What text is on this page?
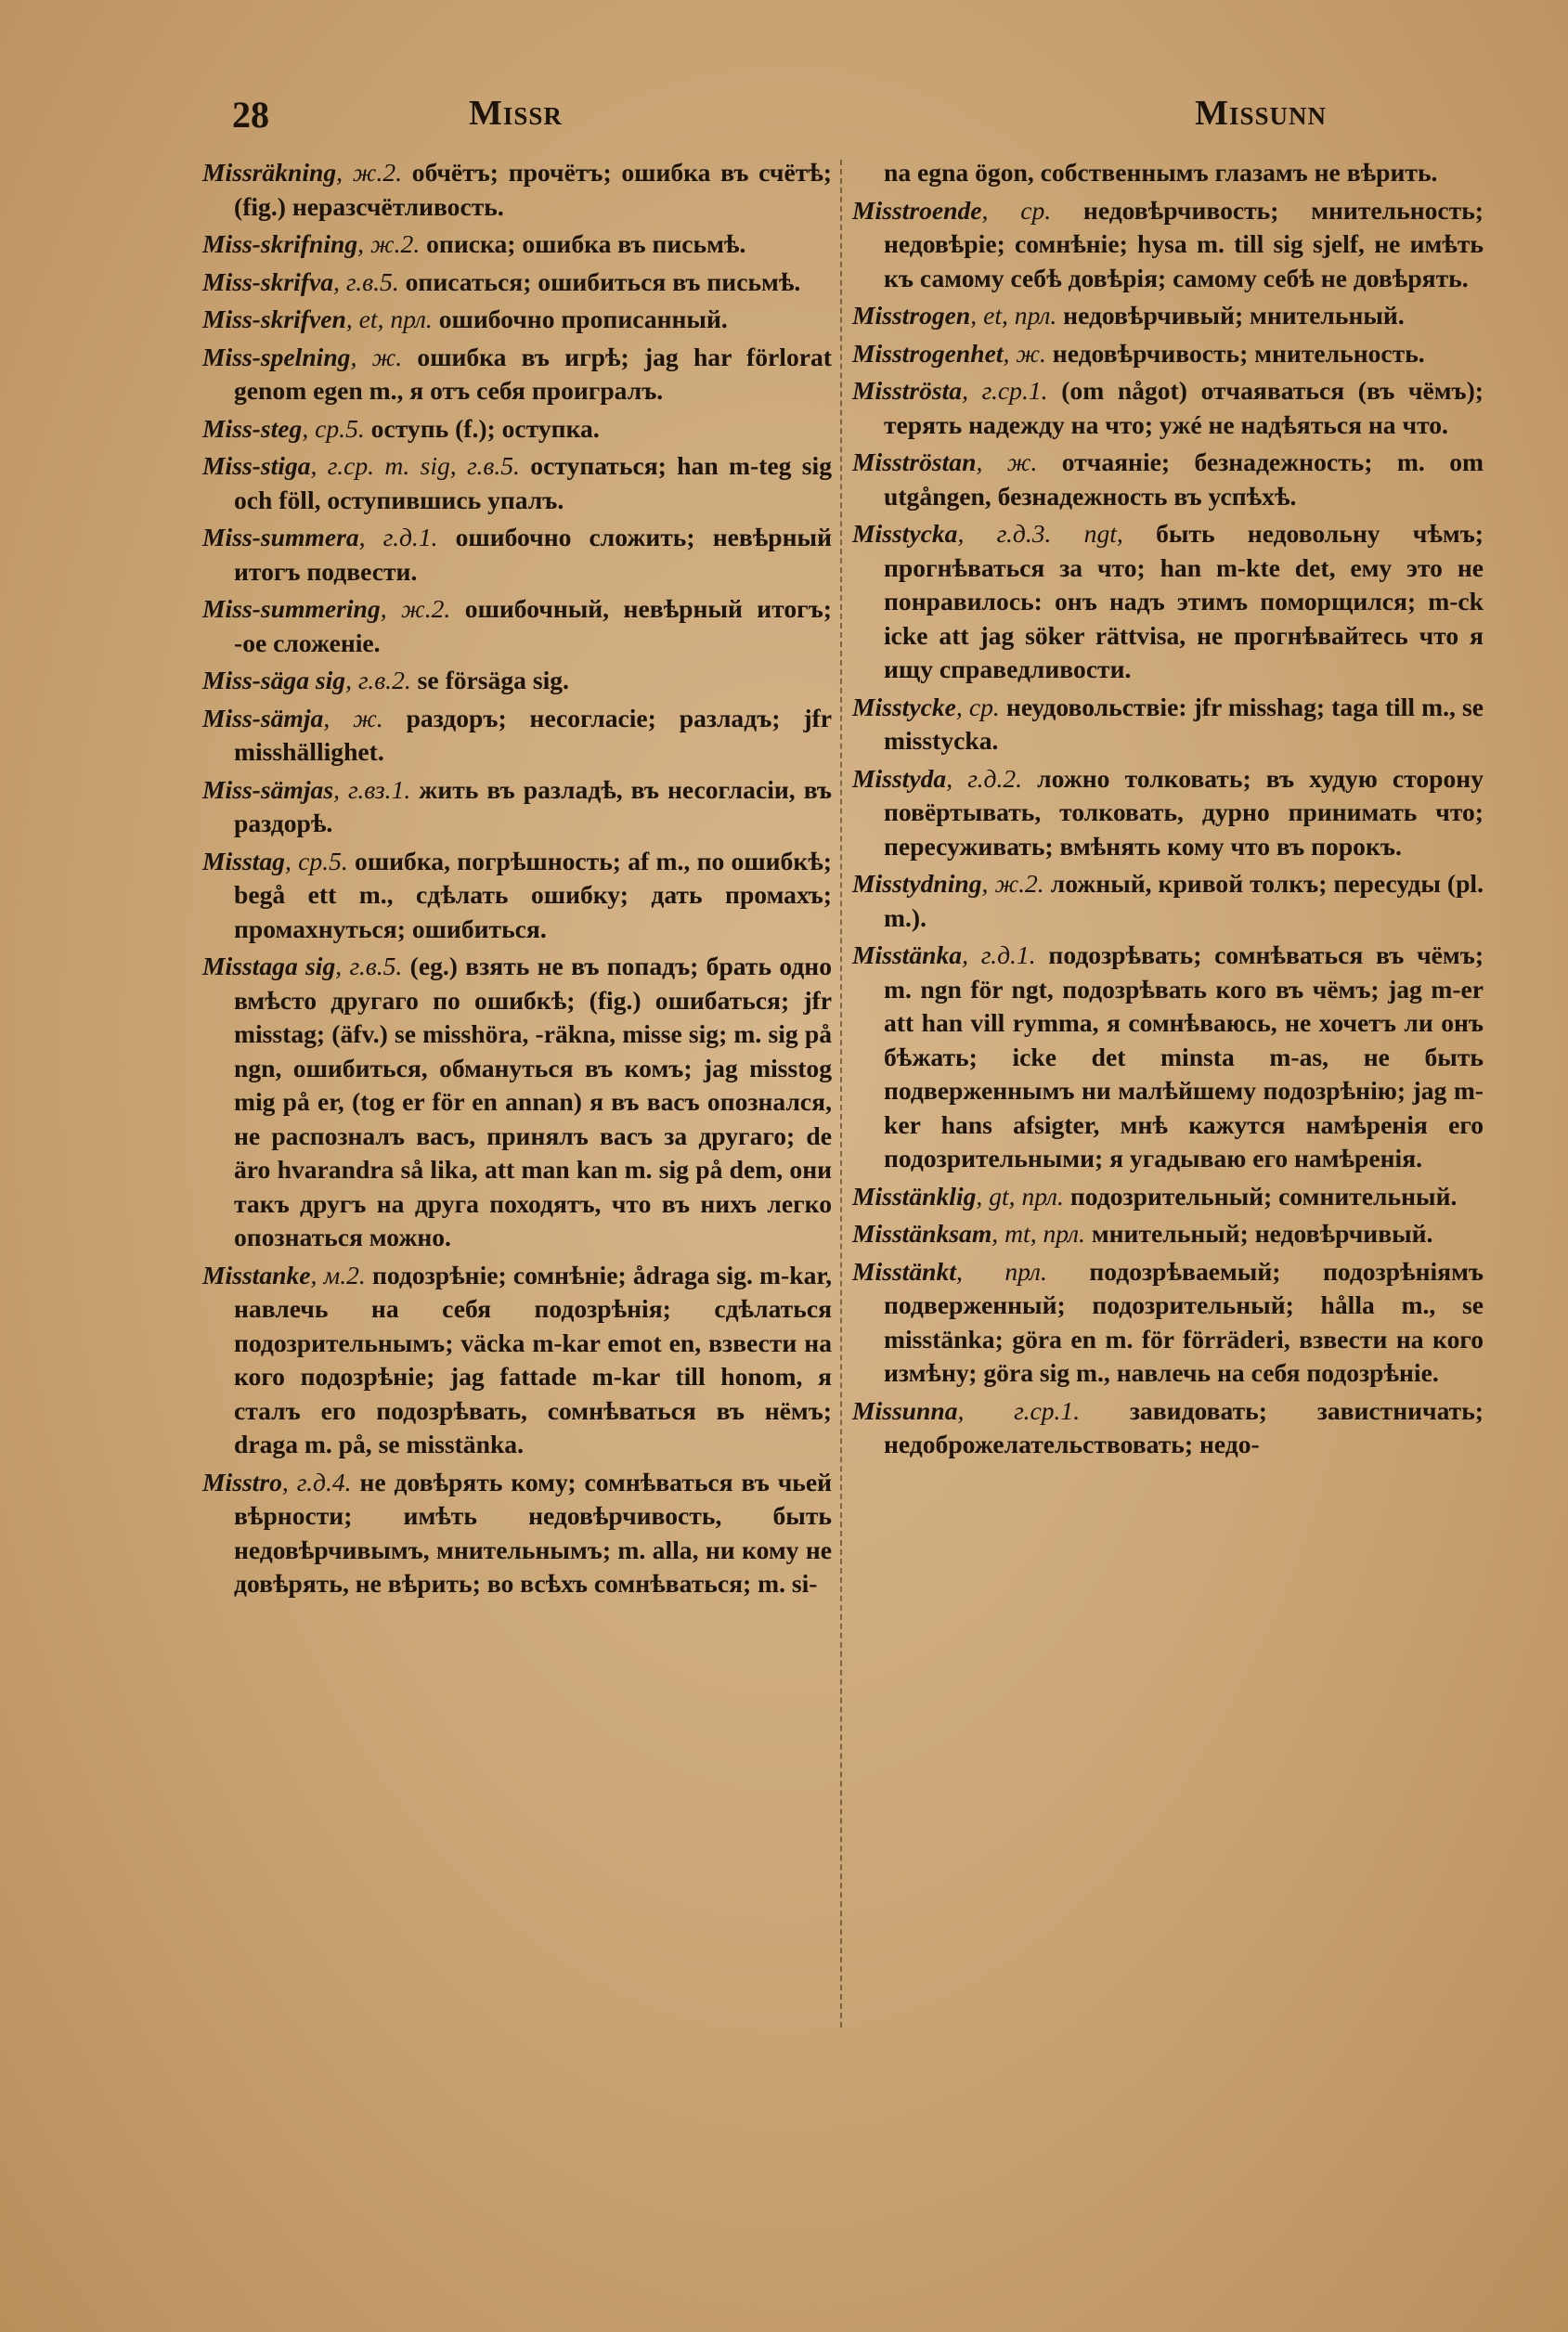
28	Missr	Missunn

Missräkning, ж.2. обчётъ; прочётъ; ошибка въ счётѣ; (fig.) неразсчётливость.

Miss-skrifning, ж.2. описка; ошибка въ письмѣ.

Miss-skrifva, г.в.5. описаться; ошибиться въ письмѣ.

Miss-skrifven, et, прл. ошибочно прописанный.

Miss-spelning, ж. ошибка въ игрѣ; jag har förlorat genom egen m., я отъ себя проигралъ.

Miss-steg, ср.5. оступь (f.); оступка.

Miss-stiga, г.ср. m. sig, г.в.5. оступаться; han m-teg sig och föll, оступившись упалъ.

Miss-summera, г.д.1. ошибочно сложить; невѣрный итогъ подвести.

Miss-summering, ж.2. ошибочный, невѣрный итогъ; -ое сложеніе.

Miss-säga sig, г.в.2. se försäga sig.

Miss-sämja, ж. раздоръ; несогласіе; разладъ; jfr misshällighet.

Miss-sämjas, г.вз.1. жить въ разладѣ, въ несогласіи, въ раздорѣ.

Misstag, ср.5. ошибка, погрѣшность; af m., по ошибкѣ; begå ett m., сдѣлать ошибку; дать промахъ; промахнуться; ошибиться.

Misstaga sig, г.в.5. (eg.) взять не въ попадъ; брать одно вмѣсто другаго по ошибкѣ; (fig.) ошибаться; jfr misstag; (äfv.) se misshöra, -räkna, misse sig; m. sig på ngn, ошибиться, обмануться въ комъ; jag misstog mig på er, (tog er för en annan) я въ васъ опознался, не распозналъ васъ, принялъ васъ за другаго; de äro hvarandra så lika, att man kan m. sig på dem, они такъ другъ на друга походятъ, что въ нихъ легко опознаться можно.

Misstanke, м.2. подозрѣніе; сомнѣніе; ådraga sig. m-kar, навлечь на себя подозрѣнія; сдѣлаться подозрительнымъ; väcka m-kar emot en, взвести на кого подозрѣніе; jag fattade m-kar till honom, я сталъ его подозрѣвать, сомнѣваться въ нёмъ; draga m. på, se misstänka.

Misstro, г.д.4. не довѣрять кому; сомнѣваться въ чьей вѣрности; имѣть недовѣрчивость, быть недовѣрчивымъ, мнительнымъ; m. alla, ни кому не довѣрять, не вѣрить; во всѣхъ сомнѣваться; m. si-

na egna ögon, собственнымъ глазамъ не вѣрить.

Misstroende, ср. недовѣрчивость; мнительность; недовѣріе; сомнѣніе; hysa m. till sig sjelf, не имѣть къ самому себѣ довѣрія; самому себѣ не довѣрять.

Misstrogen, et, прл. недовѣрчивый; мнительный.

Misstrogenhet, ж. недовѣрчивость; мнительность.

Misströsta, г.ср.1. (om något) отчаяваться (въ чёмъ); терять надежду на что; ужé не надѣяться на что.

Misströstan, ж. отчаяніе; безнадежность; m. om utgången, безнадежность въ успѣхѣ.

Misstycka, г.д.3. ngt, быть недовольну чѣмъ; прогнѣваться за что; han m-kte det, ему это не понравилось: онъ надъ этимъ поморщился; m-ck icke att jag söker rättvisa, не прогнѣвайтесь что я ищу справедливости.

Misstycke, ср. неудовольствіе: jfr misshag; taga till m., se misstycka.

Misstyda, г.д.2. ложно толковать; въ худую сторону повёртывать, толковать, дурно принимать что; пересуживать; вмѣнять кому что въ порокъ.

Misstydning, ж.2. ложный, кривой толкъ; пересуды (pl. m.).

Misstänka, г.д.1. подозрѣвать; сомнѣваться въ чёмъ; m. ngn för ngt, подозрѣвать кого въ чёмъ; jag m-er att han vill rymma, я сомнѣваюсь, не хочетъ ли онъ бѣжать; icke det minsta m-as, не быть подверженнымъ ни малѣйшему подозрѣнію; jag m-ker hans afsigter, мнѣ кажутся намѣренія его подозрительными; я угадываю его намѣренія.

Misstänklig, gt, прл. подозрительный; сомнительный.

Misstänksam, mt, прл. мнительный; недовѣрчивый.

Misstänkt, прл. подозрѣваемый; подозрѣніямъ подверженный; подозрительный; hålla m., se misstänka; göra en m. för förräderi, взвести на кого измѣну; göra sig m., навлечь на себя подозрѣніе.

Missunna, г.ср.1. завидовать; завистничать; недоброжелательствовать; недо-
